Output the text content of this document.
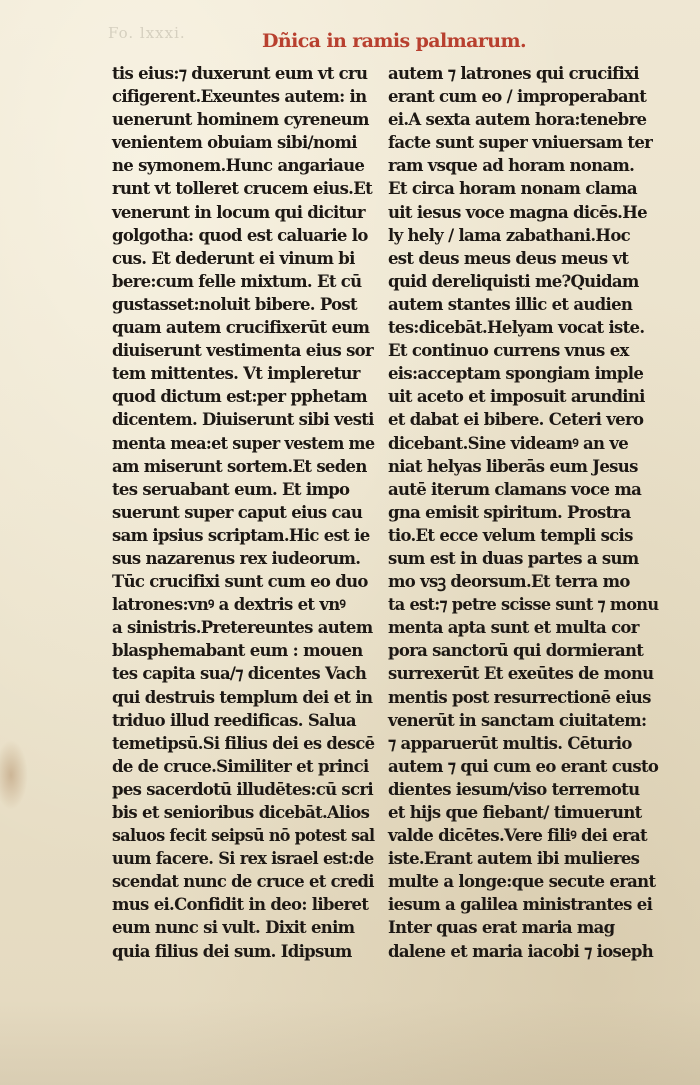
Fo. lxxxi.	Dñica in ramis palmarum.
tis eius:⁊ duxerunt eum vt cru
cifigerent.Exeuntes autem: in
uenerunt hominem cyreneum
venientem obuiam sibi/nomi
ne symonem.Hunc angariaue
runt vt tolleret crucem eius.Et
venerunt in locum qui dicitur
golgotha: quod est caluarie lo
cus. Et dederunt ei vinum bi
bere:cum felle mixtum. Et cū
gustasset:noluit bibere. Post
quam autem crucifixerūt eum
diuiserunt vestimenta eius sor
tem mittentes. Vt impleretur
quod dictum est:per pphetam
dicentem. Diuiserunt sibi vesti
menta mea:et super vestem me
am miserunt sortem.Et seden
tes seruabant eum. Et impo
suerunt super caput eius cau
sam ipsius scriptam.Hic est ie
sus nazarenus rex iudeorum.
Tūc crucifixi sunt cum eo duo
latrones:vnꝰ a dextris et vnꝰ
a sinistris.Pretereuntes autem
blasphemabant eum : mouen
tes capita sua/⁊ dicentes Vach
qui destruis templum dei et in
triduo illud reedificas. Salua
temetipsū.Si filius dei es descē
de de cruce.Similiter et princi
pes sacerdotū illudētes:cū scri
bis et senioribus dicebāt.Alios
saluos fecit seipsū nō potest sal
uum facere. Si rex israel est:de
scendat nunc de cruce et credi
mus ei.Confidit in deo: liberet
eum nunc si vult. Dixit enim
quia filius dei sum. Idipsum
autem ⁊ latrones qui crucifixi
erant cum eo / improperabant
ei.A sexta autem hora:tenebre
facte sunt super vniuersam ter
ram vsque ad horam nonam.
Et circa horam nonam clama
uit iesus voce magna dicēs.He
ly hely / lama zabathani.Hoc
est deus meus deus meus vt
quid dereliquisti me?Quidam
autem stantes illic et audien
tes:dicebāt.Helyam vocat iste.
Et continuo currens vnus ex
eis:acceptam spongiam imple
uit aceto et imposuit arundini
et dabat ei bibere. Ceteri vero
dicebant.Sine videamꝰ an ve
niat helyas liberās eum Jesus
autē iterum clamans voce ma
gna emisit spiritum. Prostra
tio.Et ecce velum templi scis
sum est in duas partes a sum
mo vsꝫ deorsum.Et terra mo
ta est:⁊ petre scisse sunt ⁊ monu
menta apta sunt et multa cor
pora sanctorū qui dormierant
surrexerūt Et exeūtes de monu
mentis post resurrectionē eius
venerūt in sanctam ciuitatem:
⁊ apparuerūt multis. Cēturio
autem ⁊ qui cum eo erant custo
dientes iesum/viso terremotu
et hijs que fiebant/ timuerunt
valde dicētes.Vere filiꝰ dei erat
iste.Erant autem ibi mulieres
multe a longe:que secute erant
iesum a galilea ministrantes ei
Inter quas erat maria mag
dalene et maria iacobi ⁊ ioseph
